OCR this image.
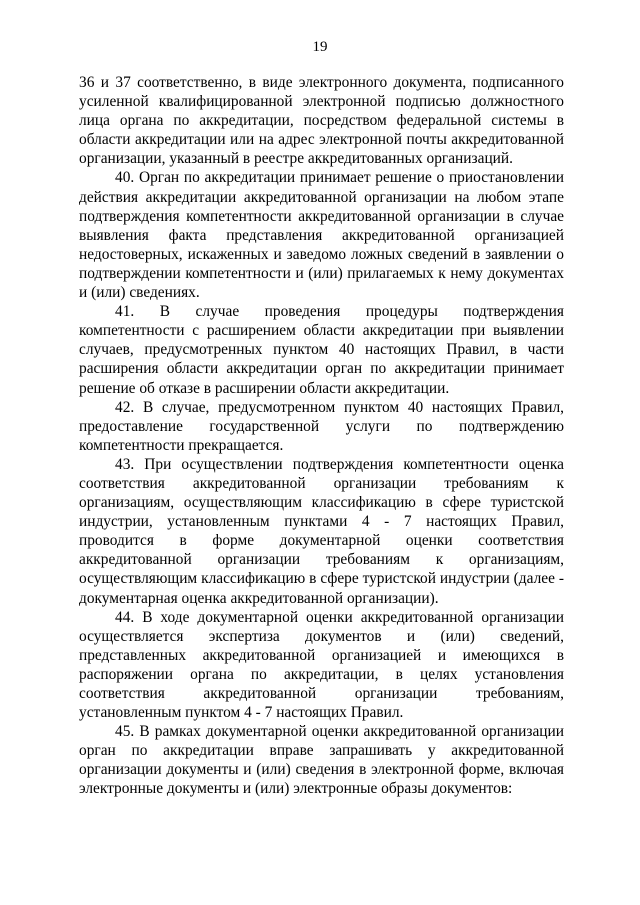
19

36 и 37 соответственно, в виде электронного документа, подписанного усиленной квалифицированной электронной подписью должностного лица органа по аккредитации, посредством федеральной системы в области аккредитации или на адрес электронной почты аккредитованной организации, указанный в реестре аккредитованных организаций.

40. Орган по аккредитации принимает решение о приостановлении действия аккредитации аккредитованной организации на любом этапе подтверждения компетентности аккредитованной организации в случае выявления факта представления аккредитованной организацией недостоверных, искаженных и заведомо ложных сведений в заявлении о подтверждении компетентности и (или) прилагаемых к нему документах и (или) сведениях.

41. В случае проведения процедуры подтверждения компетентности с расширением области аккредитации при выявлении случаев, предусмотренных пунктом 40 настоящих Правил, в части расширения области аккредитации орган по аккредитации принимает решение об отказе в расширении области аккредитации.

42. В случае, предусмотренном пунктом 40 настоящих Правил, предоставление государственной услуги по подтверждению компетентности прекращается.

43. При осуществлении подтверждения компетентности оценка соответствия аккредитованной организации требованиям к организациям, осуществляющим классификацию в сфере туристской индустрии, установленным пунктами 4 - 7 настоящих Правил, проводится в форме документарной оценки соответствия аккредитованной организации требованиям к организациям, осуществляющим классификацию в сфере туристской индустрии (далее - документарная оценка аккредитованной организации).

44. В ходе документарной оценки аккредитованной организации осуществляется экспертиза документов и (или) сведений, представленных аккредитованной организацией и имеющихся в распоряжении органа по аккредитации, в целях установления соответствия аккредитованной организации требованиям, установленным пунктом 4 - 7 настоящих Правил.

45. В рамках документарной оценки аккредитованной организации орган по аккредитации вправе запрашивать у аккредитованной организации документы и (или) сведения в электронной форме, включая электронные документы и (или) электронные образы документов:
